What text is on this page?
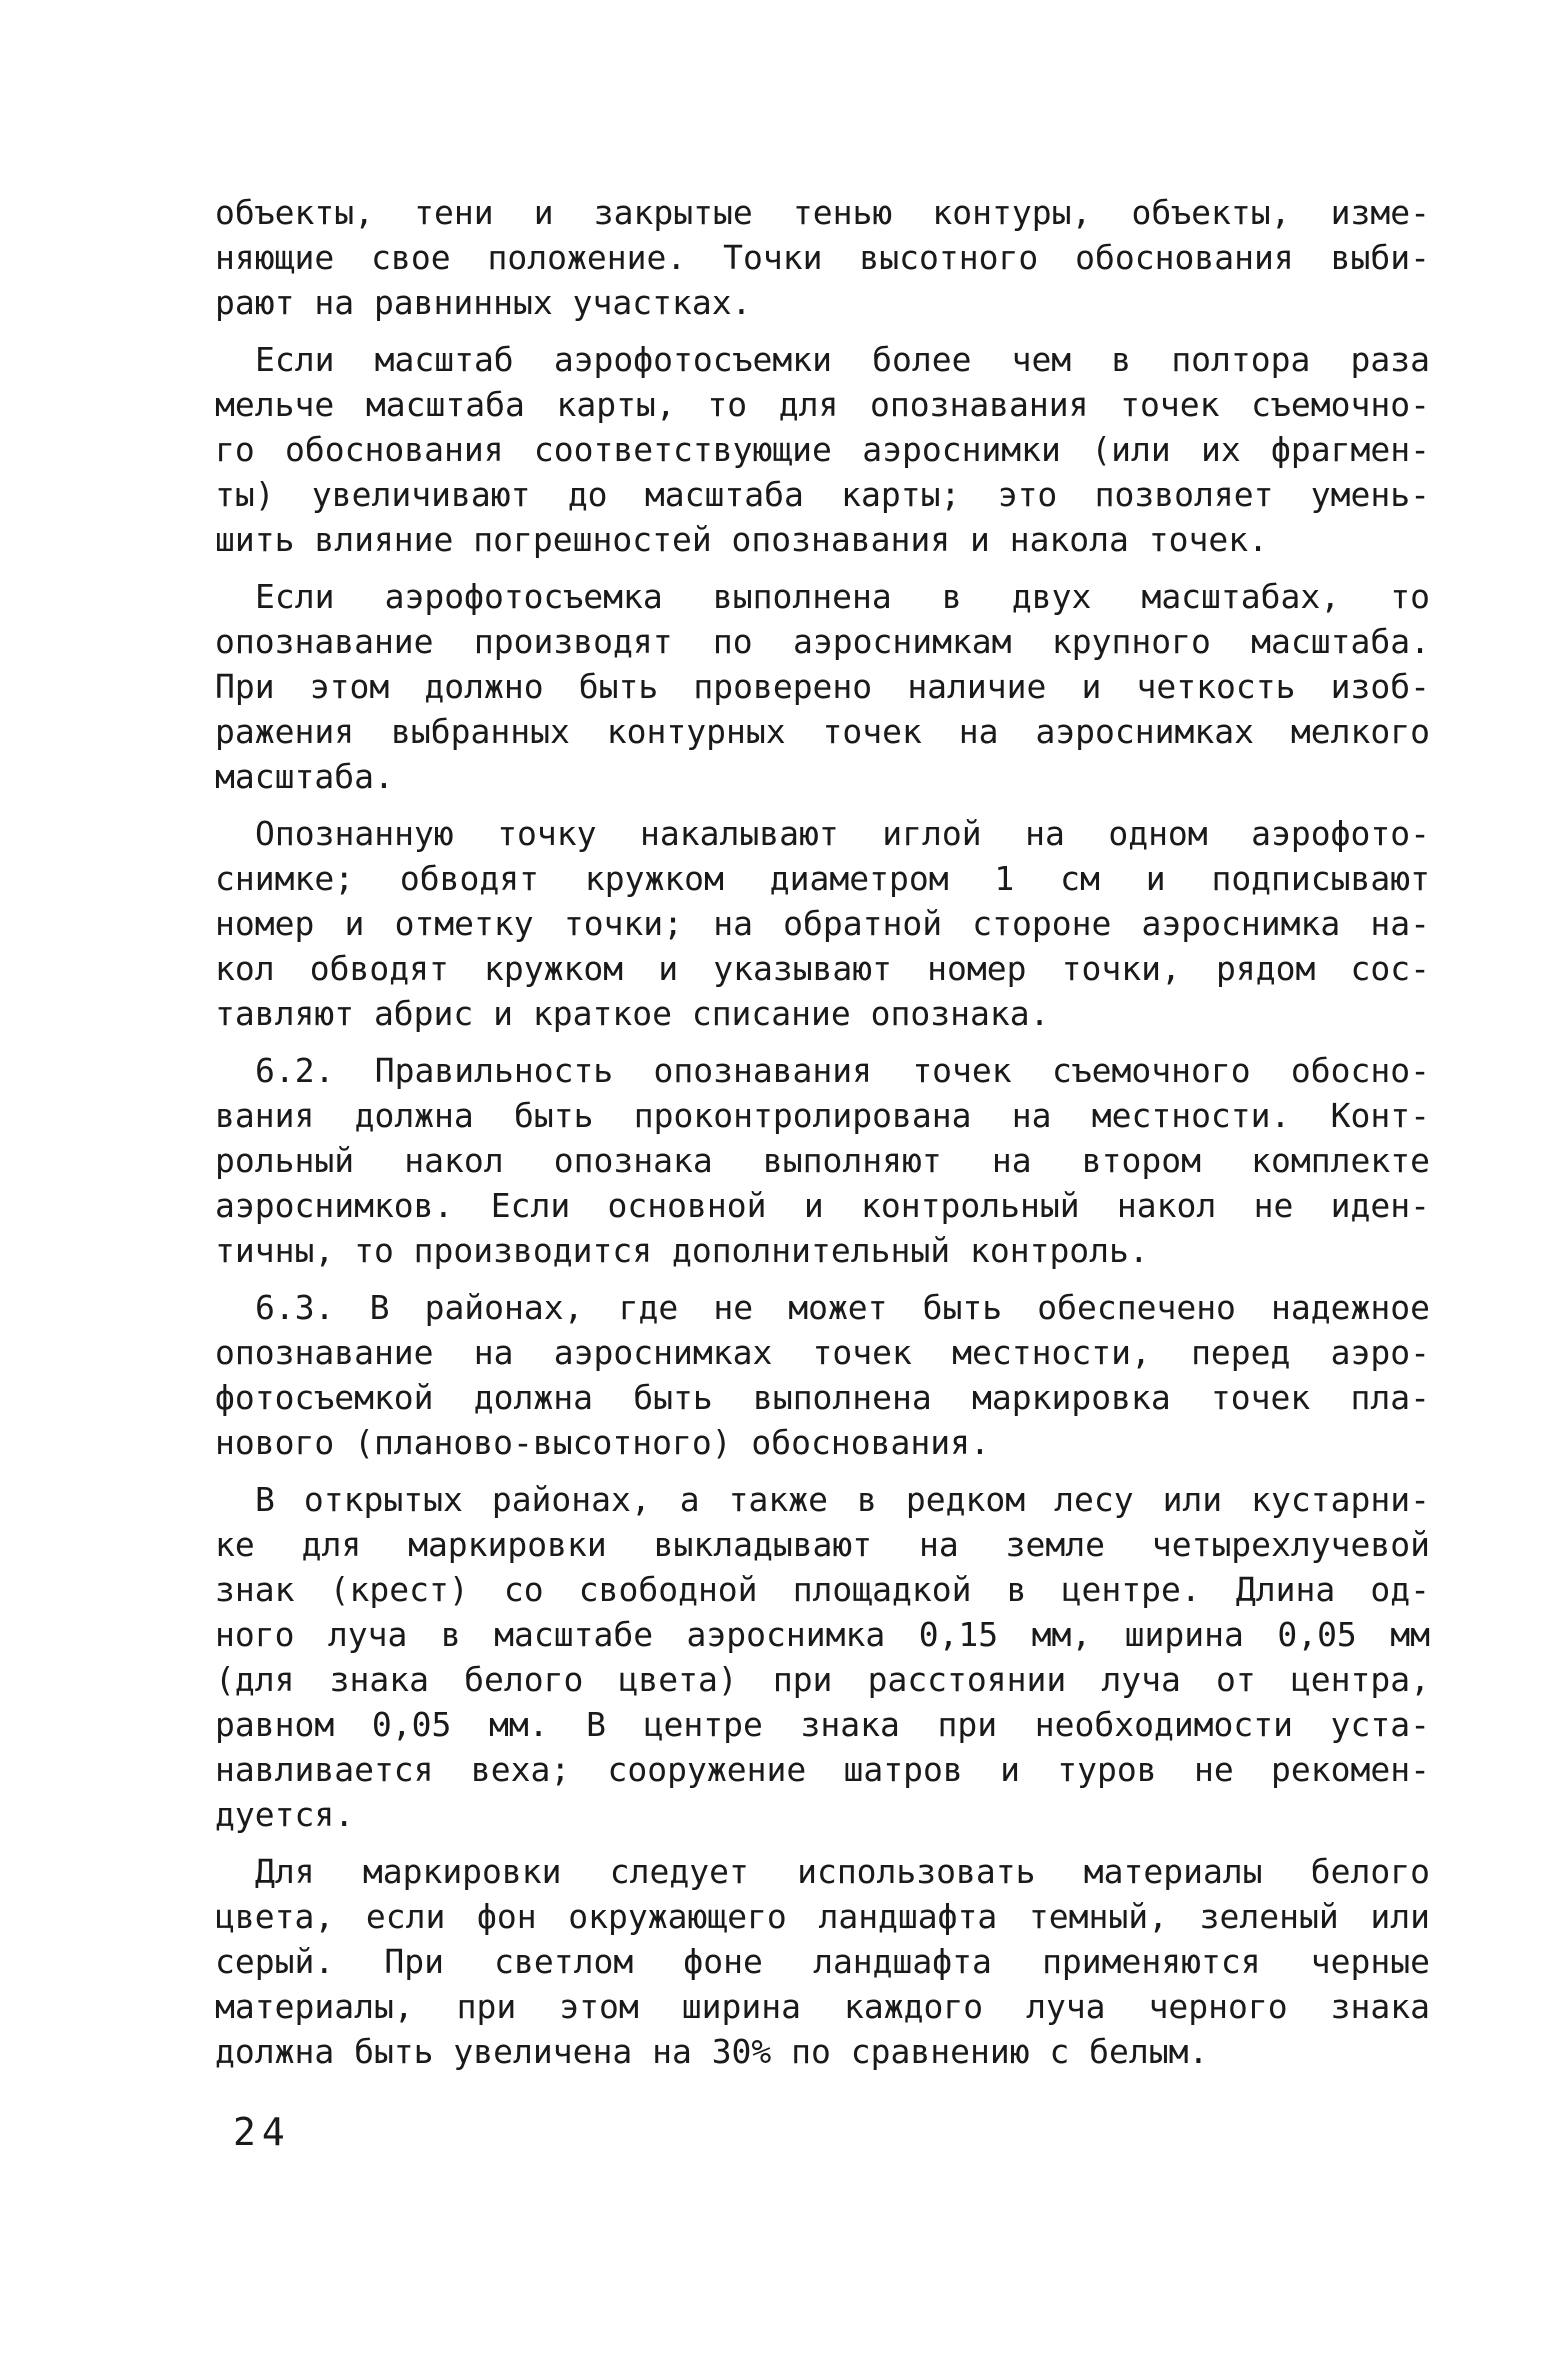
объекты, тени и закрытые тенью контуры, объекты, изме-
няющие свое положение. Точки высотного обоснования выби-
рают на равнинных участках.
Если масштаб аэрофотосъемки более чем в полтора раза
мельче масштаба карты, то для опознавания точек съемочно-
го обоснования соответствующие аэроснимки (или их фрагмен-
ты) увеличивают до масштаба карты; это позволяет умень-
шить влияние погрешностей опознавания и накола точек.
Если аэрофотосъемка выполнена в двух масштабах, то
опознавание производят по аэроснимкам крупного масштаба.
При этом должно быть проверено наличие и четкость изоб-
ражения выбранных контурных точек на аэроснимках мелкого
масштаба.
Опознанную точку накалывают иглой на одном аэрофото-
снимке; обводят кружком диаметром 1 см и подписывают
номер и отметку точки; на обратной стороне аэроснимка на-
кол обводят кружком и указывают номер точки, рядом сос-
тавляют абрис и краткое списание опознака.
6.2. Правильность опознавания точек съемочного обосно-
вания должна быть проконтролирована на местности. Конт-
рольный накол опознака выполняют на втором комплекте
аэроснимков. Если основной и контрольный накол не иден-
тичны, то производится дополнительный контроль.
6.3. В районах, где не может быть обеспечено надежное
опознавание на аэроснимках точек местности, перед аэро-
фотосъемкой должна быть выполнена маркировка точек пла-
нового (планово-высотного) обоснования.
В открытых районах, а также в редком лесу или кустарни-
ке для маркировки выкладывают на земле четырехлучевой
знак (крест) со свободной площадкой в центре. Длина од-
ного луча в масштабе аэроснимка 0,15 мм, ширина 0,05 мм
(для знака белого цвета) при расстоянии луча от центра,
равном 0,05 мм. В центре знака при необходимости уста-
навливается веха; сооружение шатров и туров не рекомен-
дуется.
Для маркировки следует использовать материалы белого
цвета, если фон окружающего ландшафта темный, зеленый или
серый. При светлом фоне ландшафта применяются черные
материалы, при этом ширина каждого луча черного знака
должна быть увеличена на 30% по сравнению с белым.
24
